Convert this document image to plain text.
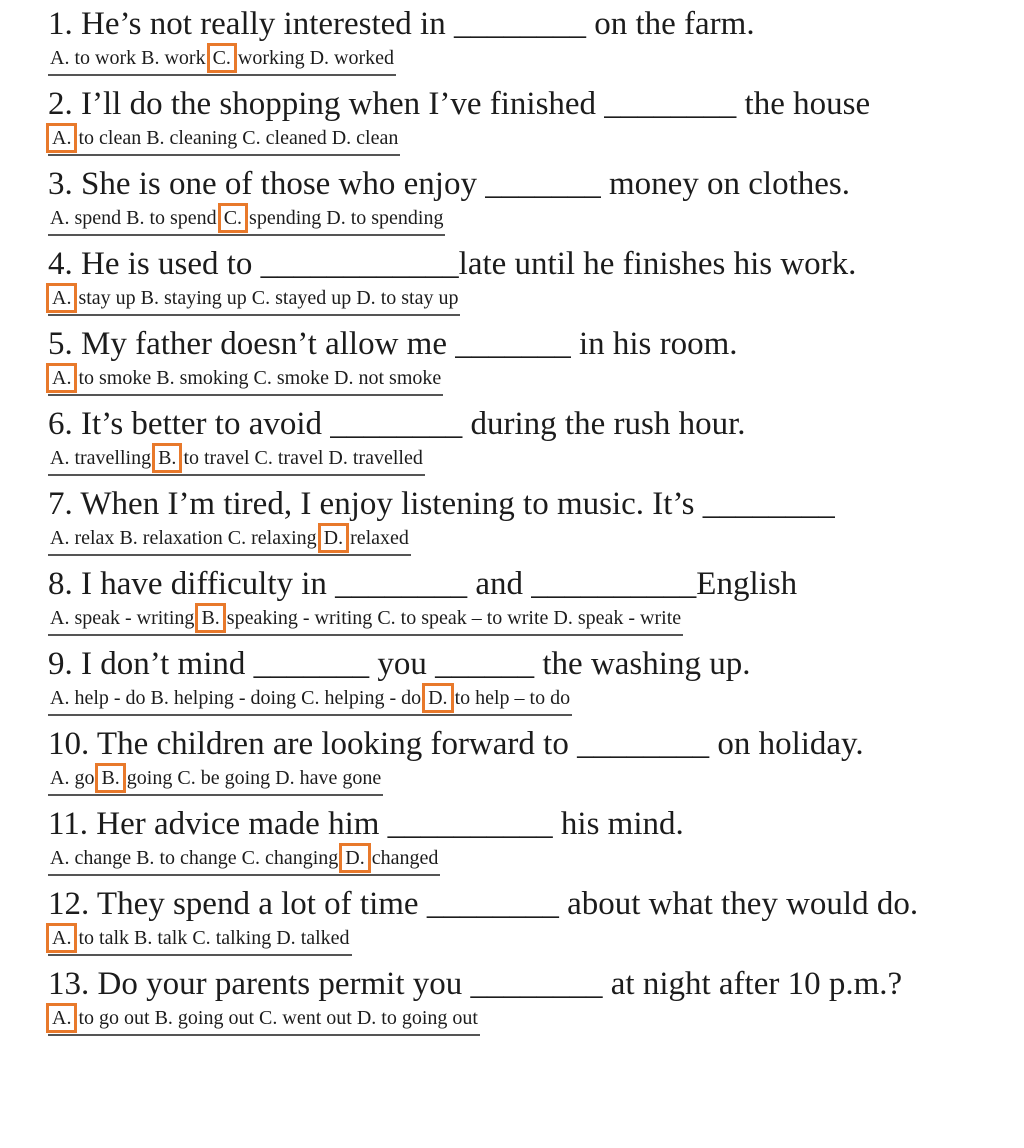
1. He’s not really interested in ________ on the farm.
A. to work B. work C. working D. worked
2. I’ll do the shopping when I’ve finished ________ the house
A. to clean B. cleaning C. cleaned D. clean
3. She is one of those who enjoy _______ money on clothes.
A. spend B. to spend C. spending D. to spending
4. He is used to ____________late until he finishes his work.
A. stay up B. staying up C. stayed up D. to stay up
5. My father doesn’t allow me _______ in his room.
A. to smoke B. smoking C. smoke D. not smoke
6. It’s better to avoid ________ during the rush hour.
A. travelling B. to travel C. travel D. travelled
7. When I’m tired, I enjoy listening to music. It’s ________
A. relax B. relaxation C. relaxing D. relaxed
8. I have difficulty in ________ and __________English
A. speak - writing B. speaking - writing C. to speak – to write D. speak - write
9. I don’t mind _______ you ______ the washing up.
A. help - do B. helping - doing C. helping - do D. to help – to do
10. The children are looking forward to ________ on holiday.
A. go B. going C. be going D. have gone
11. Her advice made him __________ his mind.
A. change B. to change C. changing D. changed
12. They spend a lot of time ________ about what they would do.
A. to talk B. talk C. talking D. talked
13. Do your parents permit you ________ at night after 10 p.m.?
A. to go out B. going out C. went out D. to going out
